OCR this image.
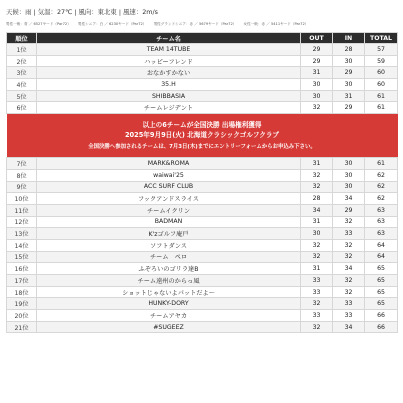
天候：雨 | 気温：27℃ | 風向：東北東 | 風速：2m/s
男性一般：青 ／ 6527ヤード（Par72） 男性シニア：白 ／ 6230ヤード（Par72） 男性グランドシニア：赤 ／ 5679ヤード（Par72） 女性一般：赤 ／ 5411ヤード（Par72）
順位	チーム名	OUT	IN	TOTAL
1位	TEAM 14TUBE	29	28	57
2位	ハッピーフレンド	29	30	59
3位	おなかすかない	31	29	60
4位	35.H	30	30	60
5位	SHIBBASIA	30	31	61
6位	チームレジデント	32	29	61

以上の6チームが全国決勝 出場権利獲得
2025年9月9日(火) 北海道クラシックゴルフクラブ
全国決勝へ参加されるチームは、7月3日(木)までにエントリーフォームからお申込み下さい。				

7位	MARK&ROMA	31	30	61
8位	waiwai'25	32	30	62
9位	ACC SURF CLUB	32	30	62
10位	フックアンドスライス	28	34	62
11位	チームイクリン	34	29	63
12位	BADMAN	31	32	63
13位	K'zゴルフ庵戸	30	33	63
14位	ソフトダンス	32	32	64
15位	チーム　ペロ	32	32	64
16位	ふぞろいのゴリラ達B	31	34	65
17位	チーム遠州のからっ風	33	32	65
18位	ショットじゃないよパットだよ〜	33	32	65
19位	HUNKY-DORY	32	33	65
20位	チームアヤカ	33	33	66
21位	#SUGEEZ	32	34	66
